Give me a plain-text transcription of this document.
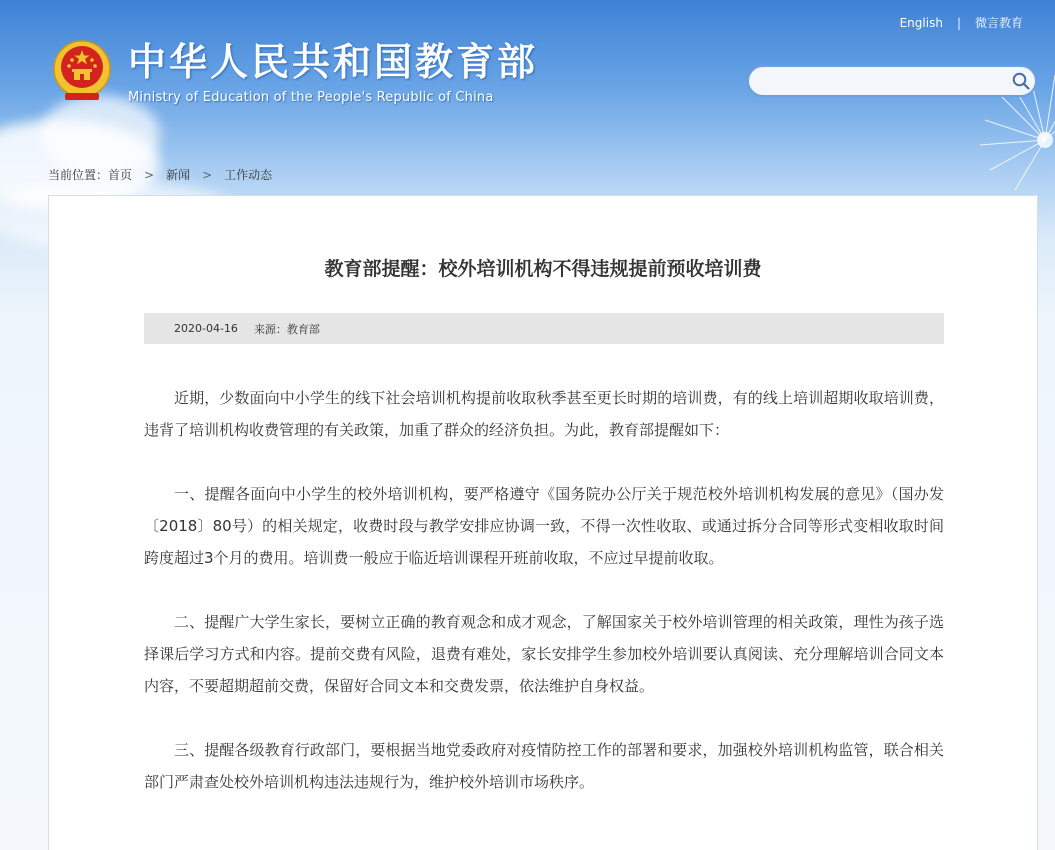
English | 微言教育
中华人民共和国教育部
Ministry of Education of the People's Republic of China
当前位置： 首页 > 新闻 > 工作动态
教育部提醒：校外培训机构不得违规提前预收培训费
2020-04-16 来源：教育部

近期，少数面向中小学生的线下社会培训机构提前收取秋季甚至更长时期的培训费，有的线上培训超期收取培训费，违背了培训机构收费管理的有关政策，加重了群众的经济负担。为此，教育部提醒如下：

一、提醒各面向中小学生的校外培训机构，要严格遵守《国务院办公厅关于规范校外培训机构发展的意见》（国办发〔2018〕80号）的相关规定，收费时段与教学安排应协调一致，不得一次性收取、或通过拆分合同等形式变相收取时间跨度超过3个月的费用。培训费一般应于临近培训课程开班前收取，不应过早提前收取。

二、提醒广大学生家长，要树立正确的教育观念和成才观念，了解国家关于校外培训管理的相关政策，理性为孩子选择课后学习方式和内容。提前交费有风险，退费有难处，家长安排学生参加校外培训要认真阅读、充分理解培训合同文本内容，不要超期超前交费，保留好合同文本和交费发票，依法维护自身权益。

三、提醒各级教育行政部门，要根据当地党委政府对疫情防控工作的部署和要求，加强校外培训机构监管，联合相关部门严肃查处校外培训机构违法违规行为，维护校外培训市场秩序。
